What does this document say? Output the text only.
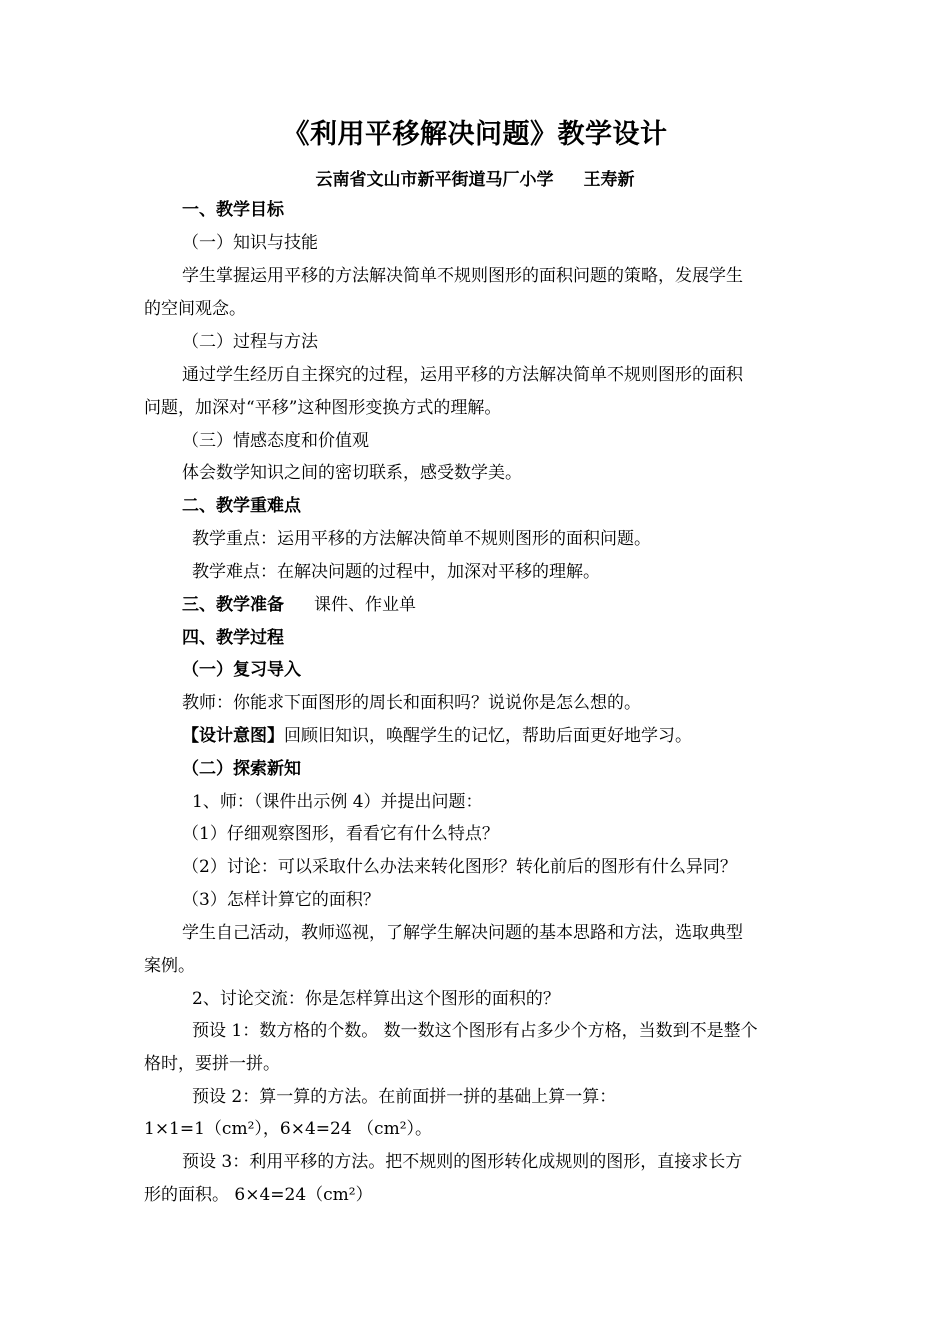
《利用平移解决问题》教学设计
云南省文山市新平街道马厂小学 王寿新
一、教学目标
（一）知识与技能
学生掌握运用平移的方法解决简单不规则图形的面积问题的策略，发展学生
的空间观念。
（二）过程与方法
通过学生经历自主探究的过程，运用平移的方法解决简单不规则图形的面积
问题，加深对“平移”这种图形变换方式的理解。
（三）情感态度和价值观
体会数学知识之间的密切联系，感受数学美。
二、教学重难点
教学重点：运用平移的方法解决简单不规则图形的面积问题。
教学难点：在解决问题的过程中，加深对平移的理解。
三、教学准备 课件、作业单
四、教学过程
（一）复习导入
教师：你能求下面图形的周长和面积吗？说说你是怎么想的。
【设计意图】回顾旧知识，唤醒学生的记忆，帮助后面更好地学习。
（二）探索新知
1、师：（课件出示例 4）并提出问题：
（1）仔细观察图形，看看它有什么特点？
（2）讨论：可以采取什么办法来转化图形？转化前后的图形有什么异同？
（3）怎样计算它的面积？
学生自己活动，教师巡视，了解学生解决问题的基本思路和方法，选取典型
案例。
2、讨论交流：你是怎样算出这个图形的面积的？
预设 1：数方格的个数。 数一数这个图形有占多少个方格，当数到不是整个
格时，要拼一拼。
预设 2：算一算的方法。在前面拼一拼的基础上算一算：
1×1=1（cm²），6×4=24 （cm²）。
预设 3：利用平移的方法。把不规则的图形转化成规则的图形，直接求长方
形的面积。 6×4=24（cm²）
